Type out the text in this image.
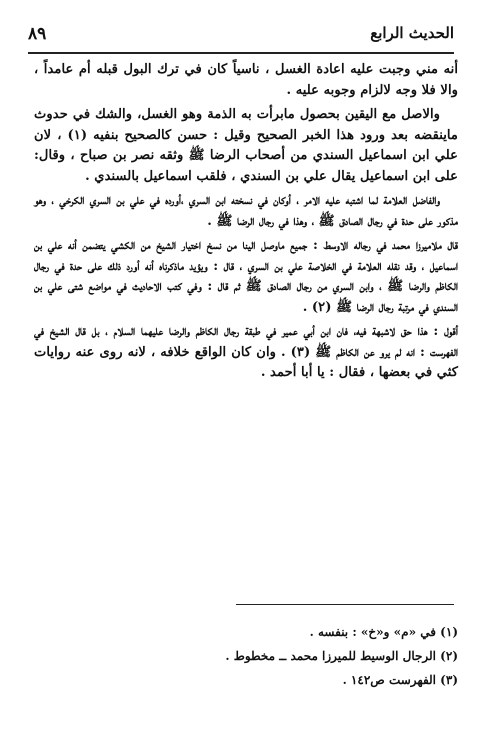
الحديث الرابع
٨٩

أنه مني وجبت عليه اعادة الغسل ، ناسياً كان في ترك البول قبله أم عامداً ، والا فلا وجه لالزام وجوبه عليه .

والاصل مع اليقين بحصول مابرأت به الذمة وهو الغسل، والشك في حدوث ماينقضه بعد ورود هذا الخبر الصحيح وقيل : حسن كالصحيح بنفيه (١) ، لان علي ابن اسماعيل السندي من أصحاب الرضا ﷺ وثقه نصر بن صباح ، وقال: على ابن اسماعيل يقال علي بن السندي ، فلقب اسماعيل بالسندي .

والفاضل العلامة لما اشتبه عليه الامر ، أوكان في نسخته ابن السري ،أورده في علي بن السري الكرخي ، وهو مذكور على حدة في رجال الصادق ﷺ ، وهذا في رجال الرضا ﷺ .

قال ملاميرزا محمد في رجاله الاوسط : جميع ماوصل الينا من نسخ اختيار الشيخ من الكشي يتضمن أنه علي بن اسماعيل ، وقد نقله العلامة في الخلاصة علي بن السري ، قال : ويؤيد ماذكرناه أنه أورد ذلك على حدة في رجال الكاظم والرضا ﷺ ، وابن السري من رجال الصادق ﷺ ثم قال : وفي كتب الاحاديث في مواضع شتى علي بن السندي في مرتبة رجال الرضا ﷺ (٢) .

أقول : هذا حق لاشبهة فيه، فان ابن أبي عمير في طبقة رجال الكاظم والرضا عليهما السلام ، بل قال الشيخ في الفهرست : انه لم يرو عن الكاظم ﷺ (٣) . وان كان الواقع خلافه ، لانه روى عنه روايات كثي في بعضها ، فقال : يا أبا أحمد .

(١) في «م» و«خ» : بنفسه .
(٢) الرجال الوسيط للميرزا محمد ــ مخطوط .
(٣) الفهرست ص١٤٢ .
